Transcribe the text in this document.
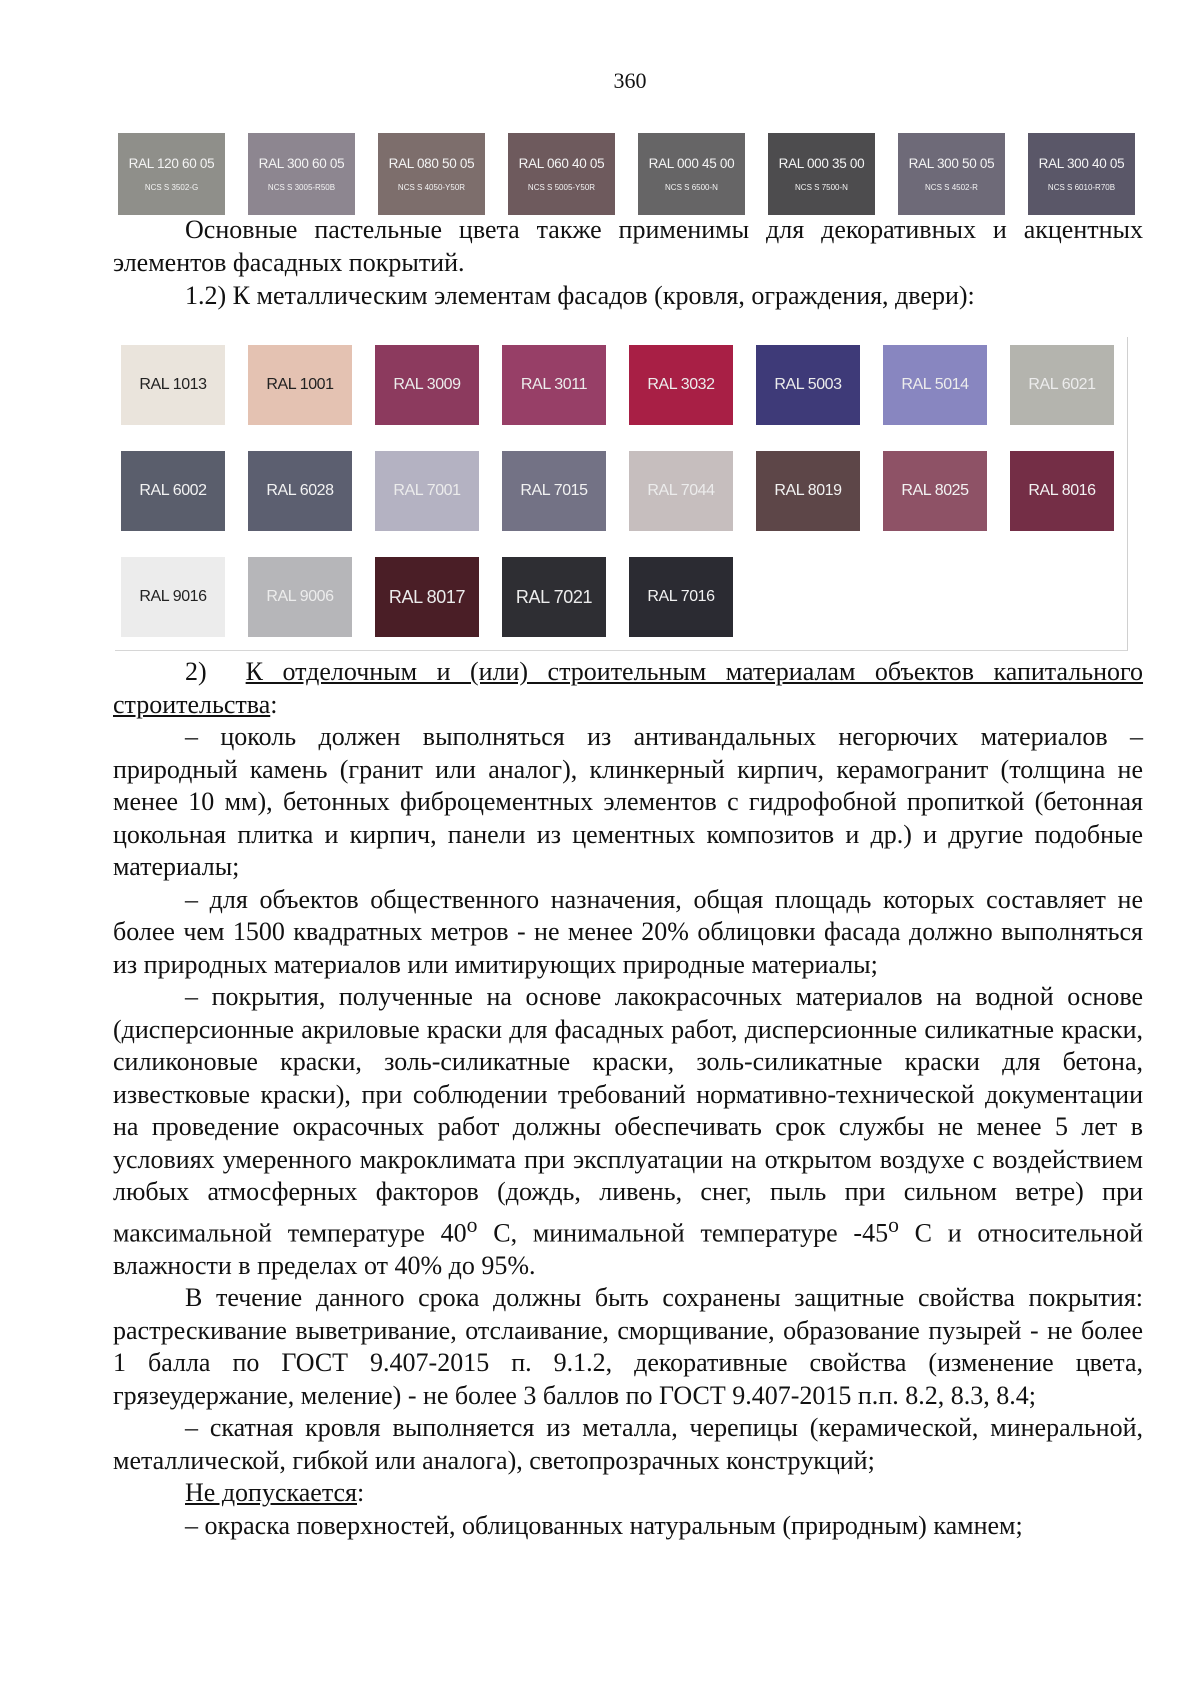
360
RAL 120 60 05
NCS S 3502-G
RAL 300 60 05
NCS S 3005-R50B
RAL 080 50 05
NCS S 4050-Y50R
RAL 060 40 05
NCS S 5005-Y50R
RAL 000 45 00
NCS S 6500-N
RAL 000 35 00
NCS S 7500-N
RAL 300 50 05
NCS S 4502-R
RAL 300 40 05
NCS S 6010-R70B

Основные пастельные цвета также применимы для декоративных и акцентных элементов фасадных покрытий.

1.2) К металлическим элементам фасадов (кровля, ограждения, двери):

RAL 1013	RAL 1001	RAL 3009	RAL 3011	RAL 3032	RAL 5003	RAL 5014	RAL 6021
RAL 6002	RAL 6028	RAL 7001	RAL 7015	RAL 7044	RAL 8019	RAL 8025	RAL 8016
RAL 9016	RAL 9006	RAL 8017	RAL 7021	RAL 7016

2) К отделочным и (или) строительным материалам объектов капитального строительства:

– цоколь должен выполняться из антивандальных негорючих материалов – природный камень (гранит или аналог), клинкерный кирпич, керамогранит (толщина не менее 10 мм), бетонных фиброцементных элементов с гидрофобной пропиткой (бетонная цокольная плитка и кирпич, панели из цементных композитов и др.) и другие подобные материалы;

– для объектов общественного назначения, общая площадь которых составляет не более чем 1500 квадратных метров - не менее 20% облицовки фасада должно выполняться из природных материалов или имитирующих природные материалы;

– покрытия, полученные на основе лакокрасочных материалов на водной основе (дисперсионные акриловые краски для фасадных работ, дисперсионные силикатные краски, силиконовые краски, золь-силикатные краски, золь-силикатные краски для бетона, известковые краски), при соблюдении требований нормативно-технической документации на проведение окрасочных работ должны обеспечивать срок службы не менее 5 лет в условиях умеренного макроклимата при эксплуатации на открытом воздухе с воздействием любых атмосферных факторов (дождь, ливень, снег, пыль при сильном ветре) при максимальной температуре 40$^o$ С, минимальной температуре -45$^o$ С и относительной влажности в пределах от 40% до 95%.

В течение данного срока должны быть сохранены защитные свойства покрытия: растрескивание выветривание, отслаивание, сморщивание, образование пузырей - не более 1 балла по ГОСТ 9.407-2015 п. 9.1.2, декоративные свойства (изменение цвета, грязеудержание, меление) - не более 3 баллов по ГОСТ 9.407-2015 п.п. 8.2, 8.3, 8.4;

– скатная кровля выполняется из металла, черепицы (керамической, минеральной, металлической, гибкой или аналога), светопрозрачных конструкций;

Не допускается:

– окраска поверхностей, облицованных натуральным (природным) камнем;
